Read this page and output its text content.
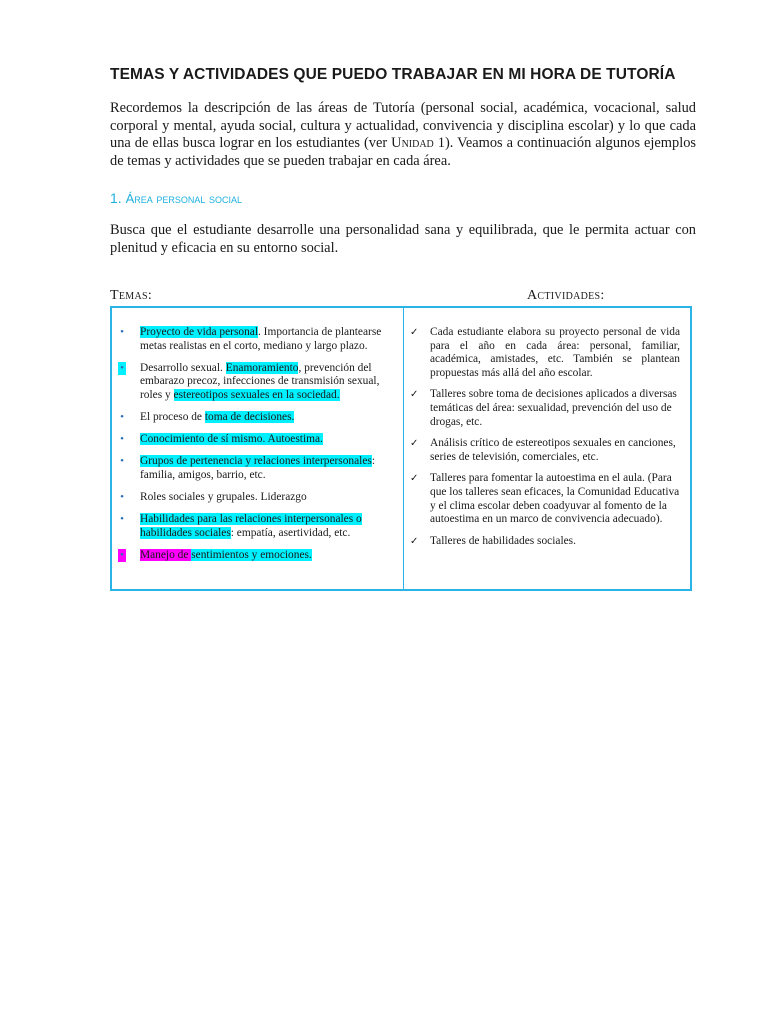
TEMAS Y ACTIVIDADES QUE PUEDO TRABAJAR EN MI HORA DE TUTORÍA

Recordemos la descripción de las áreas de Tutoría (personal social, académica, vocacional, salud corporal y mental, ayuda social, cultura y actualidad, convivencia y disciplina escolar) y lo que cada una de ellas busca lograr en los estudiantes (ver Unidad 1). Veamos a continuación algunos ejemplos de temas y actividades que se pueden trabajar en cada área.

1. Área personal social

Busca que el estudiante desarrolle una personalidad sana y equilibrada, que le permita actuar con plenitud y eficacia en su entorno social.

Temas:	Actividades:
• Proyecto de vida personal. Importancia de plantearse metas realistas en el corto, mediano y largo plazo.
• Desarrollo sexual. Enamoramiento, prevención del embarazo precoz, infecciones de transmisión sexual, roles y estereotipos sexuales en la sociedad.
• El proceso de toma de decisiones.
• Conocimiento de sí mismo. Autoestima.
• Grupos de pertenencia y relaciones interpersonales: familia, amigos, barrio, etc.
• Roles sociales y grupales. Liderazgo
• Habilidades para las relaciones interpersonales o habilidades sociales: empatía, asertividad, etc.
• Manejo de sentimientos y emociones.
✓ Cada estudiante elabora su proyecto personal de vida para el año en cada área: personal, familiar, académica, amistades, etc. También se plantean propuestas más allá del año escolar.
✓ Talleres sobre toma de decisiones aplicados a diversas temáticas del área: sexualidad, prevención del uso de drogas, etc.
✓ Análisis crítico de estereotipos sexuales en canciones, series de televisión, comerciales, etc.
✓ Talleres para fomentar la autoestima en el aula. (Para que los talleres sean eficaces, la Comunidad Educativa y el clima escolar deben coadyuvar al fomento de la autoestima en un marco de convivencia adecuado).
✓ Talleres de habilidades sociales.
